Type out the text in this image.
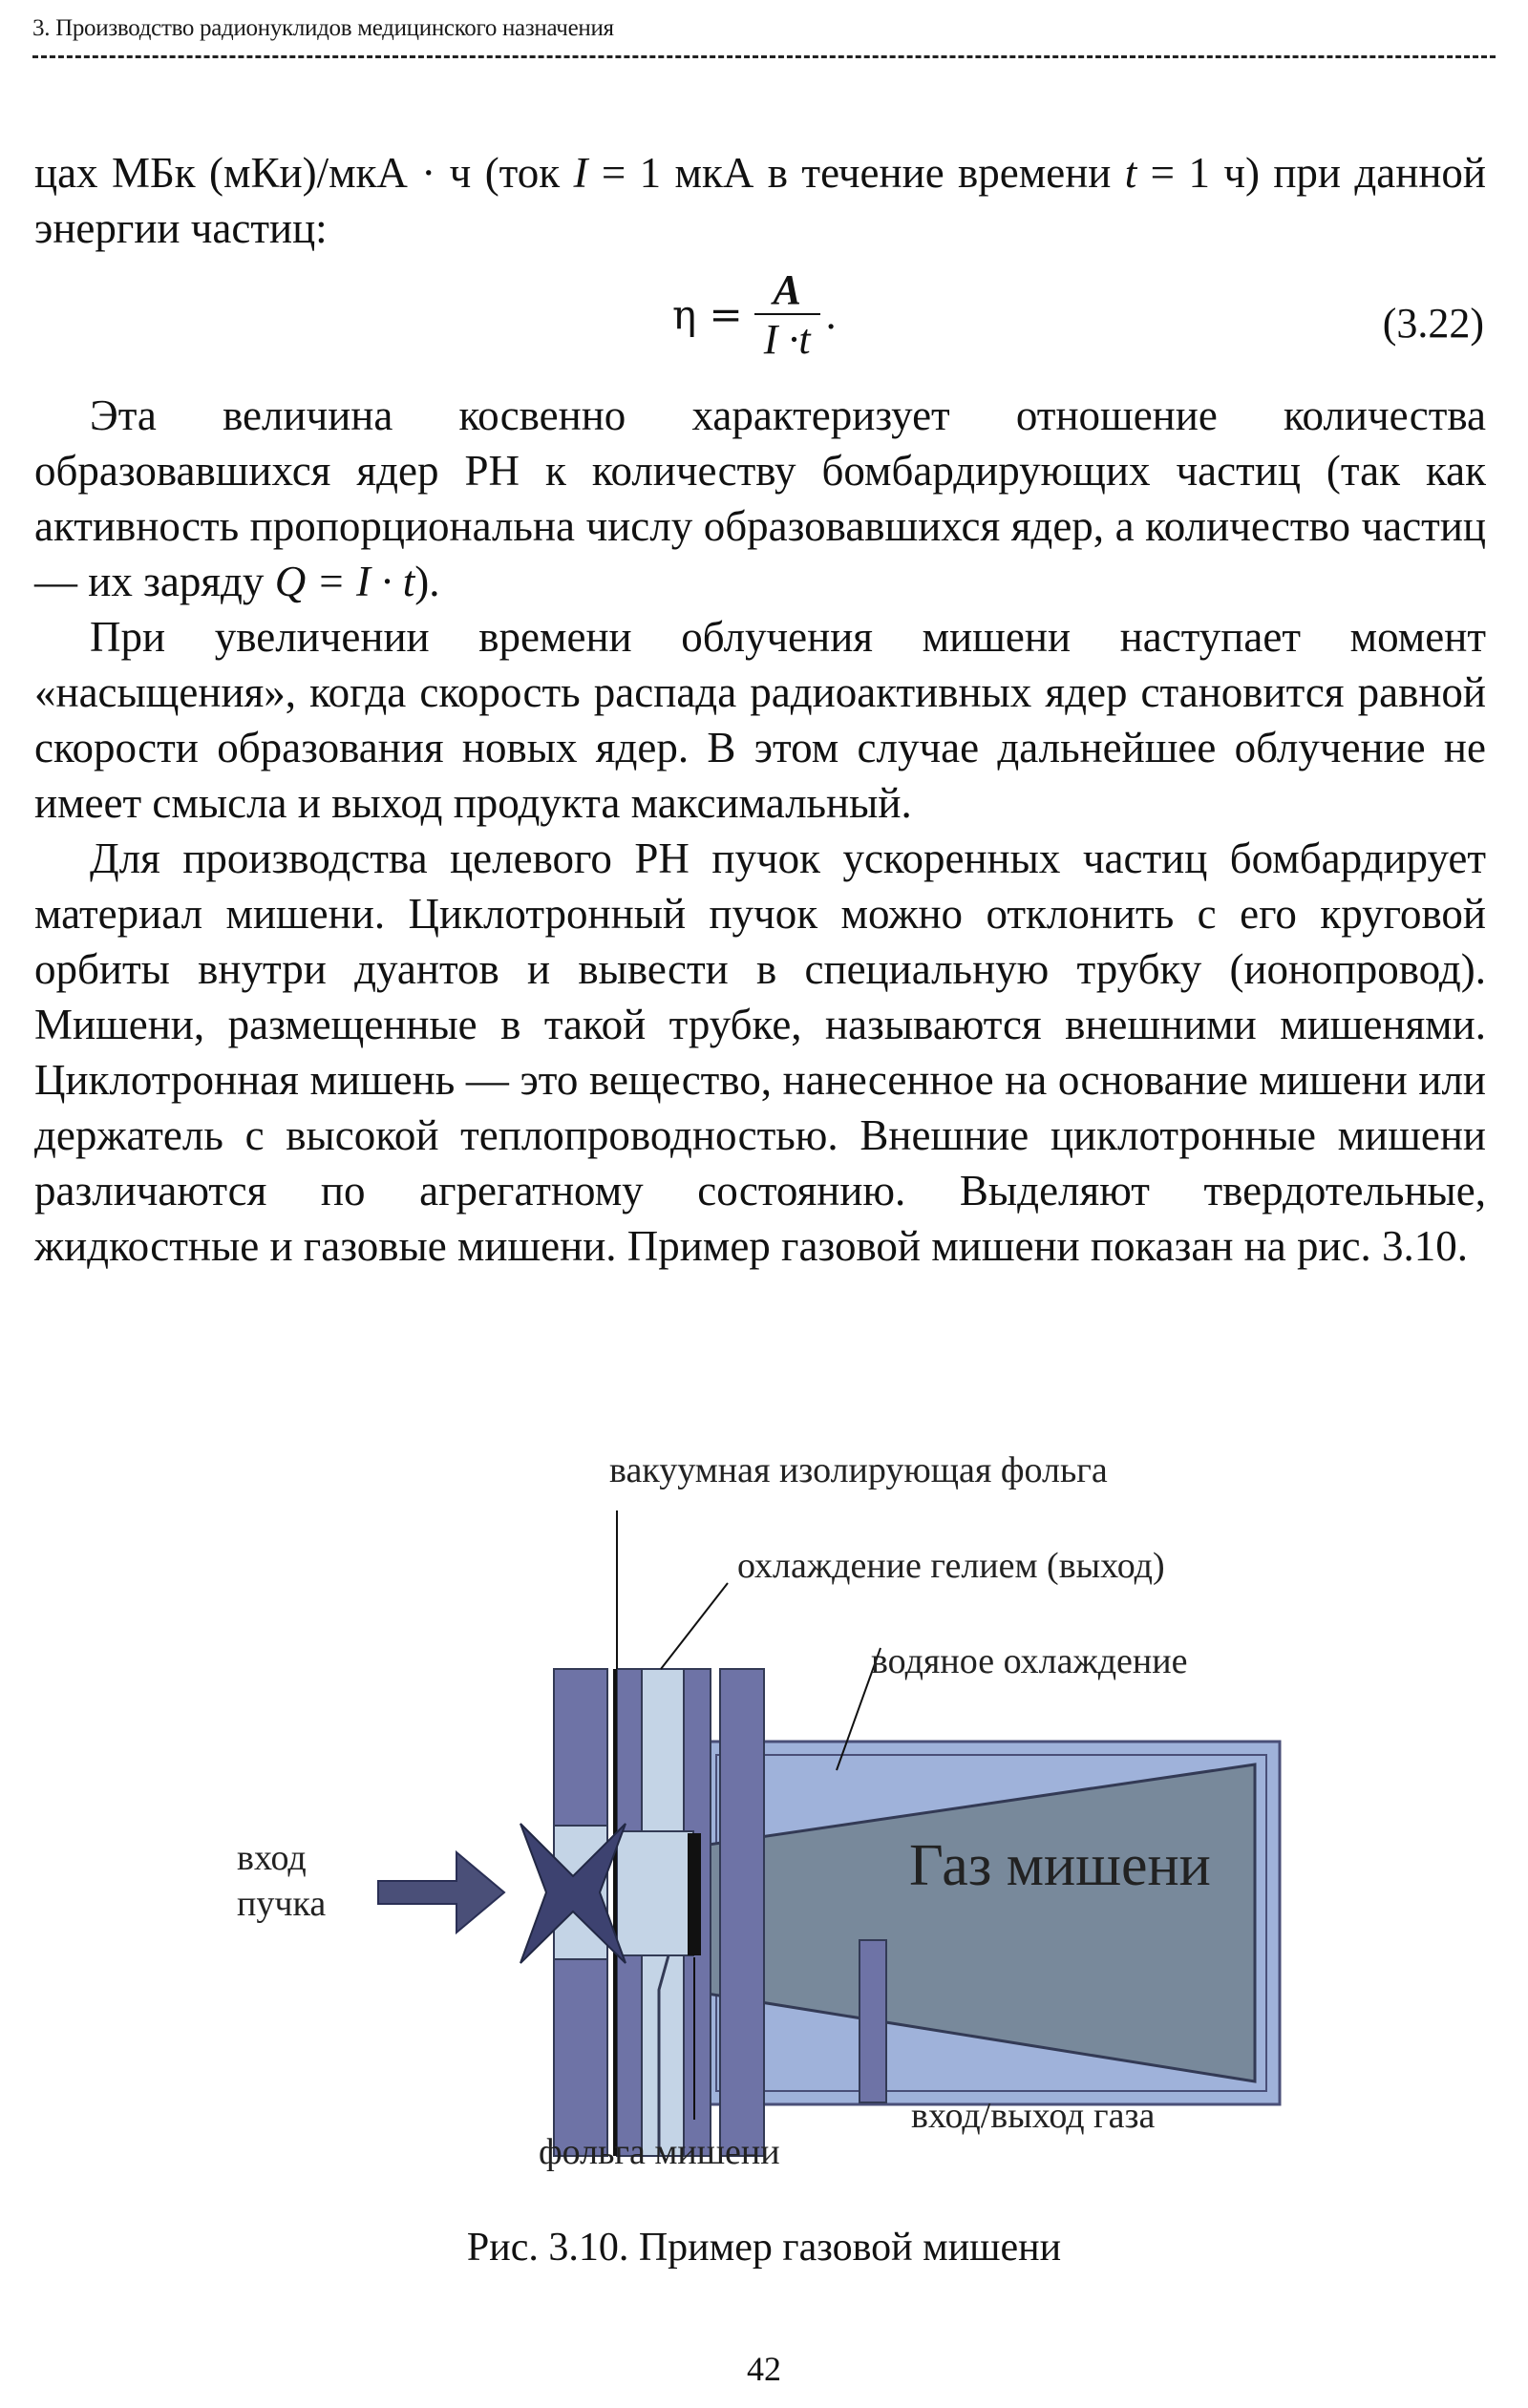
3. Производство радионуклидов медицинского назначения

цах МБк (мКи)/мкА · ч (ток I = 1 мкА в течение времени t = 1 ч) при данной энергии частиц:

$\eta = \frac{A}{I \cdot t}$ .	(3.22)

Эта величина косвенно характеризует отношение количества образовавшихся ядер РН к количеству бомбардирующих частиц (так как активность пропорциональна числу образовавшихся ядер, а количество частиц — их заряду Q = I · t).

При увеличении времени облучения мишени наступает момент «насыщения», когда скорость распада радиоактивных ядер становится равной скорости образования новых ядер. В этом случае дальнейшее облучение не имеет смысла и выход продукта максимальный.

Для производства целевого РН пучок ускоренных частиц бомбардирует материал мишени. Циклотронный пучок можно отклонить с его круговой орбиты внутри дуантов и вывести в специальную трубку (ионопровод). Мишени, размещенные в такой трубке, называются внешними мишенями. Циклотронная мишень — это вещество, нанесенное на основание мишени или держатель с высокой теплопроводностью. Внешние циклотронные мишени различаются по агрегатному состоянию. Выделяют твердотельные, жидкостные и газовые мишени. Пример газовой мишени показан на рис. 3.10.

вакуумная изолирующая фольга
охлаждение гелием (выход)
водяное охлаждение
вход
пучка
Газ мишени
вход/выход газа
фольга мишени
Рис. 3.10. Пример газовой мишени
42
